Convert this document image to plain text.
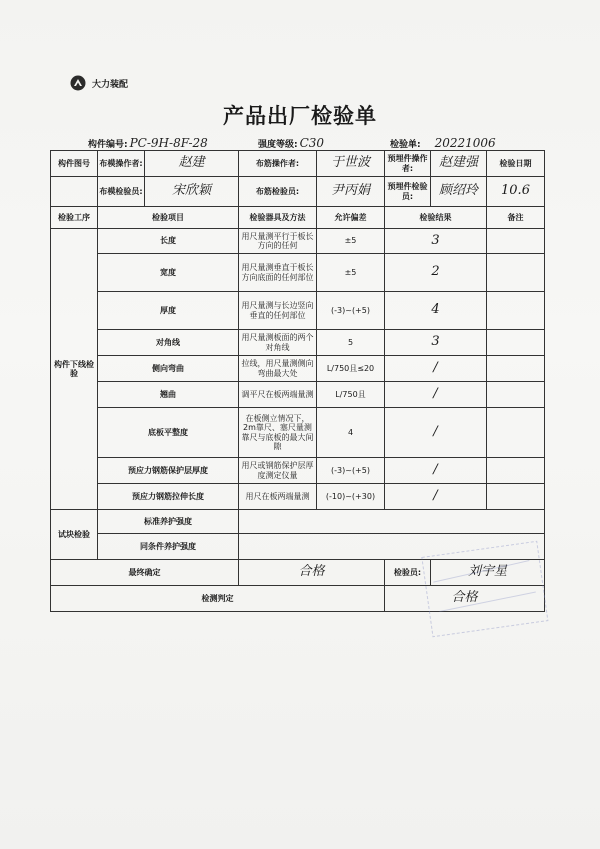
大力装配
产品出厂检验单
构件编号: PC-9H-8F-28	强度等级: C30	检验单: 20221006
构件图号	布模操作者:	赵建	布筋操作者:	于世波	预埋件操作者:	赵建强	检验日期
	布模检验员:	宋欣颖	布筋检验员:	尹丙娟	预埋件检验员:	顾绍玲	10.6
检验工序	检验项目		检验器具及方法	允许偏差	检验结果		备注
构件下线检验	长度		用尺量测平行于板长方向的任何	±5	3		
	宽度		用尺量测垂直于板长方向底面的任何部位	±5	2		
	厚度		用尺量测与长边竖向垂直的任何部位	(-3)~(+5)	4		
	对角线		用尺量测板面的两个对角线	5	3		
	侧向弯曲		拉线，用尺量测侧向弯曲最大处	L/750且≤20	/		
	翘曲		调平尺在板两端量测	L/750且	/		
	底板平整度		在板侧立情况下，2m靠尺、塞尺量测靠尺与底板的最大间隙	4	/		
	预应力钢筋保护层厚度		用尺或钢筋保护层厚度测定仪量	(-3)~(+5)	/		
	预应力钢筋拉伸长度		用尺在板两端量测	(-10)~(+30)	/		
试块检验	标准养护强度						
	同条件养护强度						
最终确定			合格		检验员:	刘宇星	
检测判定					合格		
